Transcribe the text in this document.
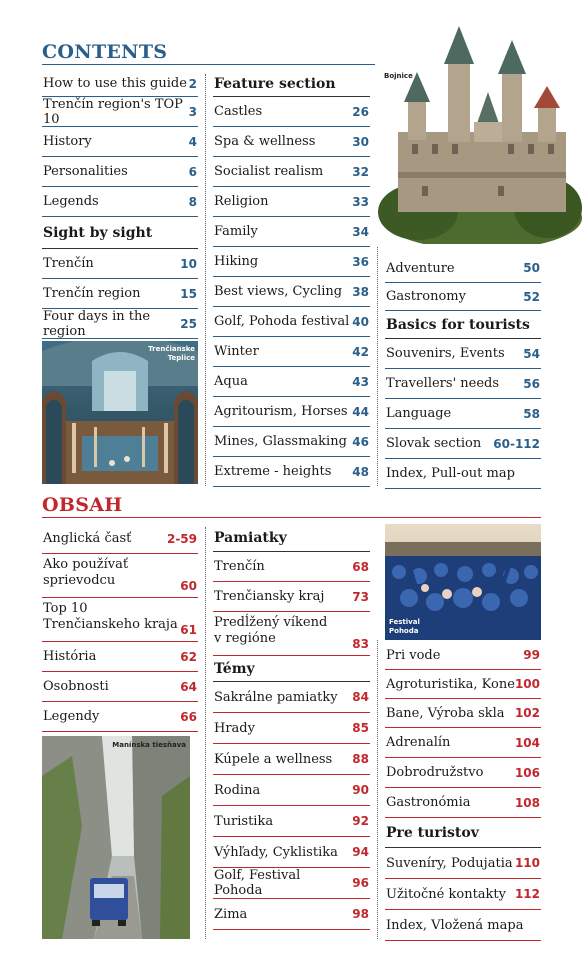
CONTENTS
How to use this guide 2
Trenčín region's TOP 10	3
History	4
Personalities	6
Legends	8
Sight by sight
Trenčín	10
Trenčín region	15
Four days in the region	25
Trenčianske Teplice
Feature section
Castles	26
Spa & wellness	30
Socialist realism 32
Religion	33
Family	34
Hiking	36
Best views, Cycling 38
Golf, Pohoda festival 40
Winter	42
Aqua	43
Agritourism, Horses 44
Mines, Glassmaking 46
Extreme - heights 48
Bojnice
Adventure	50
Gastronomy	52
Basics for tourists
Souvenirs, Events 54
Travellers' needs 56
Language	58
Slovak section 60-112
Index, Pull-out map
OBSAH
Anglická časť	2-59
Ako používať sprievodcu	60
Top 10 Trenčianskeho kraja 61
História	62
Osobnosti	64
Legendy	66
Manínska tiesňava
Pamiatky
Trenčín	68
Trenčiansky kraj 73
Predĺžený víkend v regióne	83
Témy
Sakrálne pamiatky 84
Hrady	85
Kúpele a wellness 88
Rodina	90
Turistika	92
Výhľady, Cyklistika 94
Golf, Festival Pohoda	96
Zima	98
Festival Pohoda
Pri vode	99
Agroturistika, Kone 100
Bane, Výroba skla 102
Adrenalín	104
Dobrodružstvo	106
Gastronómia	108
Pre turistov
Suveníry, Podujatia 110
Užitočné kontakty 112
Index, Vložená mapa
